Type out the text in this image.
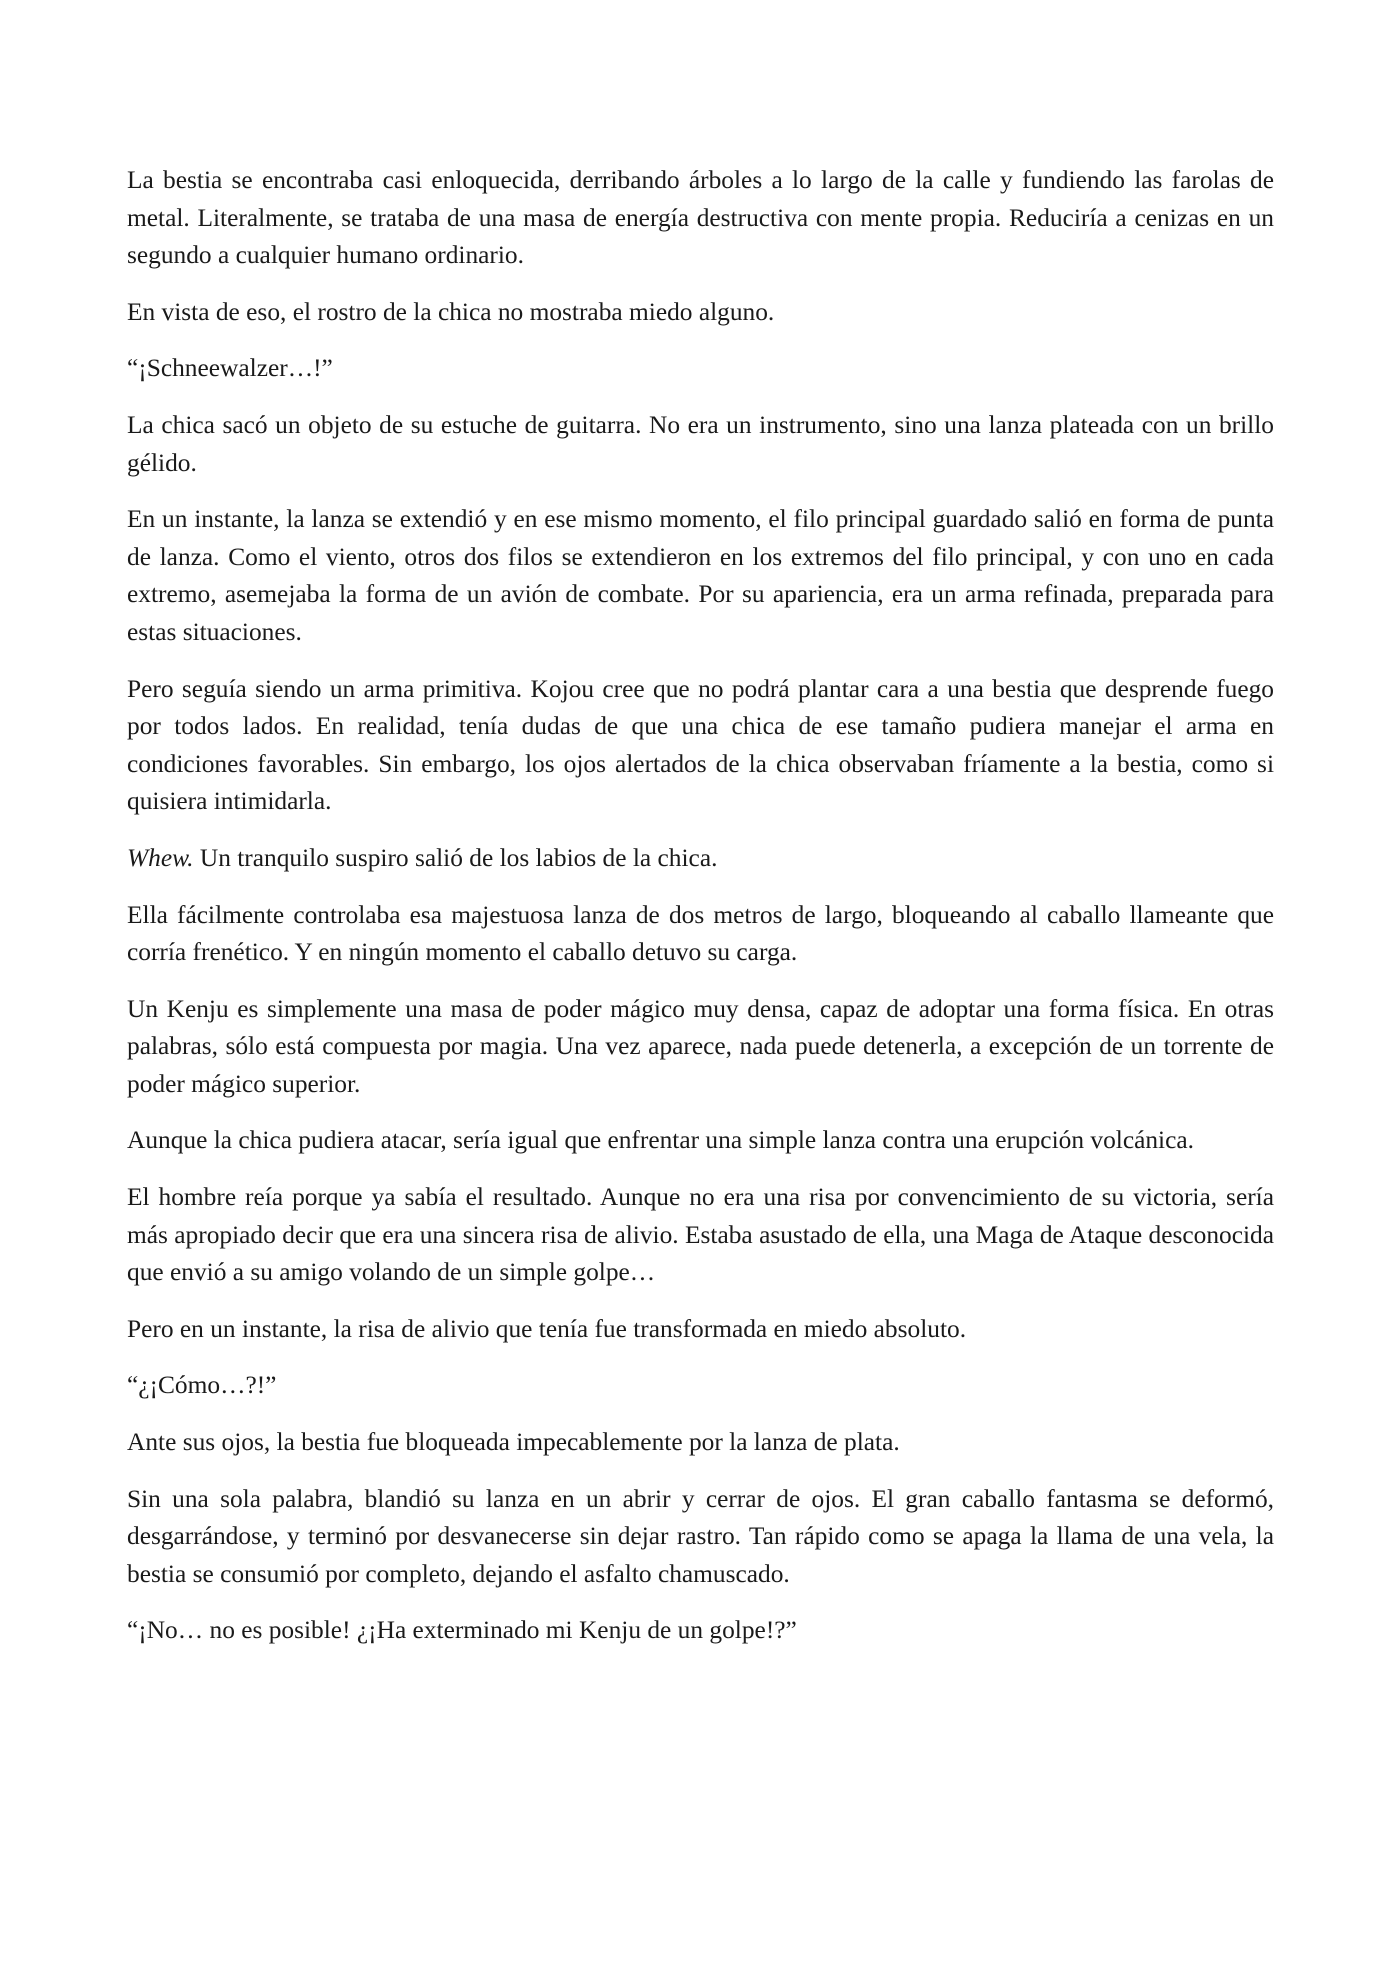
La bestia se encontraba casi enloquecida, derribando árboles a lo largo de la calle y fundiendo las farolas de metal. Literalmente, se trataba de una masa de energía destructiva con mente propia. Reduciría a cenizas en un segundo a cualquier humano ordinario.

En vista de eso, el rostro de la chica no mostraba miedo alguno.

“¡Schneewalzer…!”

La chica sacó un objeto de su estuche de guitarra. No era un instrumento, sino una lanza plateada con un brillo gélido.

En un instante, la lanza se extendió y en ese mismo momento, el filo principal guardado salió en forma de punta de lanza. Como el viento, otros dos filos se extendieron en los extremos del filo principal, y con uno en cada extremo, asemejaba la forma de un avión de combate. Por su apariencia, era un arma refinada, preparada para estas situaciones.

Pero seguía siendo un arma primitiva. Kojou cree que no podrá plantar cara a una bestia que desprende fuego por todos lados. En realidad, tenía dudas de que una chica de ese tamaño pudiera manejar el arma en condiciones favorables. Sin embargo, los ojos alertados de la chica observaban fríamente a la bestia, como si quisiera intimidarla.

Whew. Un tranquilo suspiro salió de los labios de la chica.

Ella fácilmente controlaba esa majestuosa lanza de dos metros de largo, bloqueando al caballo llameante que corría frenético. Y en ningún momento el caballo detuvo su carga.

Un Kenju es simplemente una masa de poder mágico muy densa, capaz de adoptar una forma física. En otras palabras, sólo está compuesta por magia. Una vez aparece, nada puede detenerla, a excepción de un torrente de poder mágico superior.

Aunque la chica pudiera atacar, sería igual que enfrentar una simple lanza contra una erupción volcánica.

El hombre reía porque ya sabía el resultado. Aunque no era una risa por convencimiento de su victoria, sería más apropiado decir que era una sincera risa de alivio. Estaba asustado de ella, una Maga de Ataque desconocida que envió a su amigo volando de un simple golpe…

Pero en un instante, la risa de alivio que tenía fue transformada en miedo absoluto.

“¿¡Cómo…?!”

Ante sus ojos, la bestia fue bloqueada impecablemente por la lanza de plata.

Sin una sola palabra, blandió su lanza en un abrir y cerrar de ojos. El gran caballo fantasma se deformó, desgarrándose, y terminó por desvanecerse sin dejar rastro. Tan rápido como se apaga la llama de una vela, la bestia se consumió por completo, dejando el asfalto chamuscado.

“¡No… no es posible! ¿¡Ha exterminado mi Kenju de un golpe!?”
